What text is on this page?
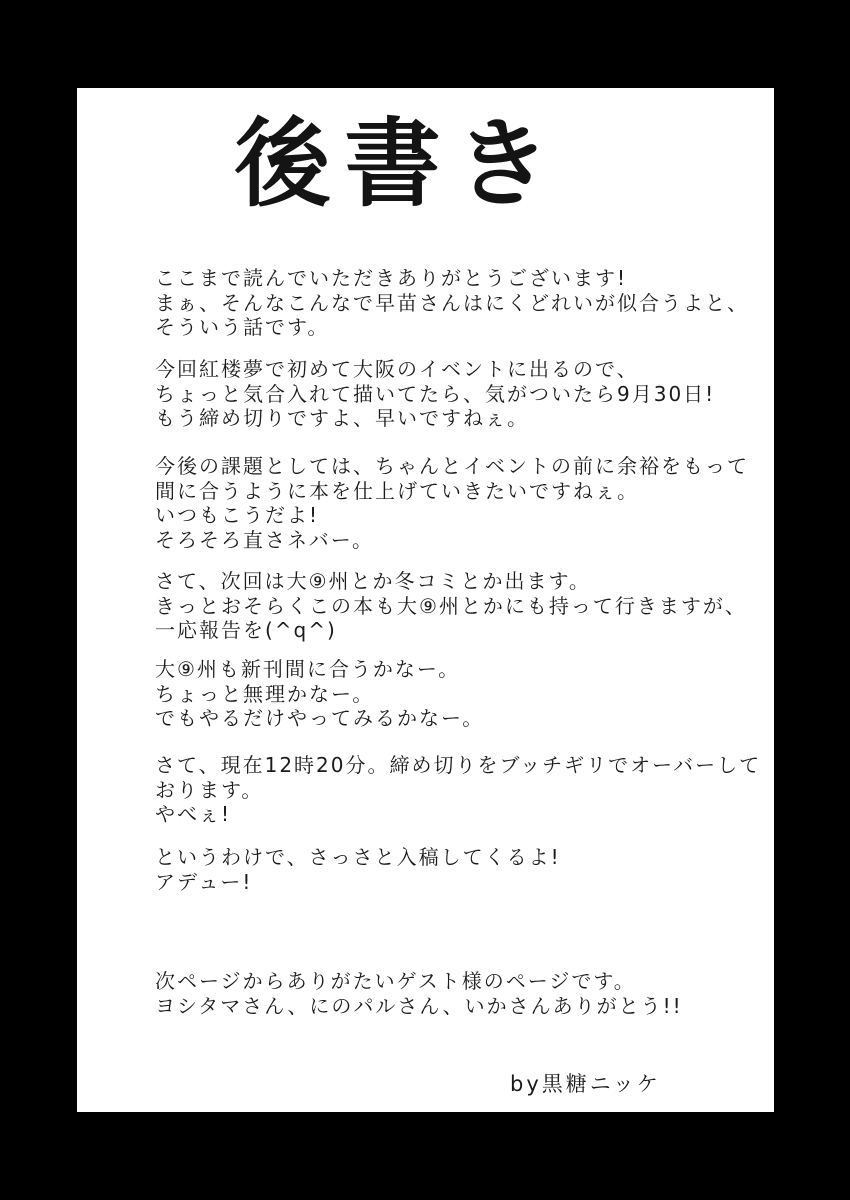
後書き
ここまで読んでいただきありがとうございます!
まぁ、そんなこんなで早苗さんはにくどれいが似合うよと、
そういう話です。
今回紅楼夢で初めて大阪のイベントに出るので、
ちょっと気合入れて描いてたら、気がついたら9月30日!
もう締め切りですよ、早いですねぇ。
今後の課題としては、ちゃんとイベントの前に余裕をもって
間に合うように本を仕上げていきたいですねぇ。
いつもこうだよ!
そろそろ直さネバー。
さて、次回は大⑨州とか冬コミとか出ます。
きっとおそらくこの本も大⑨州とかにも持って行きますが、
一応報告を(^q^)
大⑨州も新刊間に合うかなー。
ちょっと無理かなー。
でもやるだけやってみるかなー。
さて、現在12時20分。締め切りをブッチギリでオーバーして
おります。
やべぇ!
というわけで、さっさと入稿してくるよ!
アデュー!
次ページからありがたいゲスト様のページです。
ヨシタマさん、にのパルさん、いかさんありがとう!!
by黒糖ニッケ
